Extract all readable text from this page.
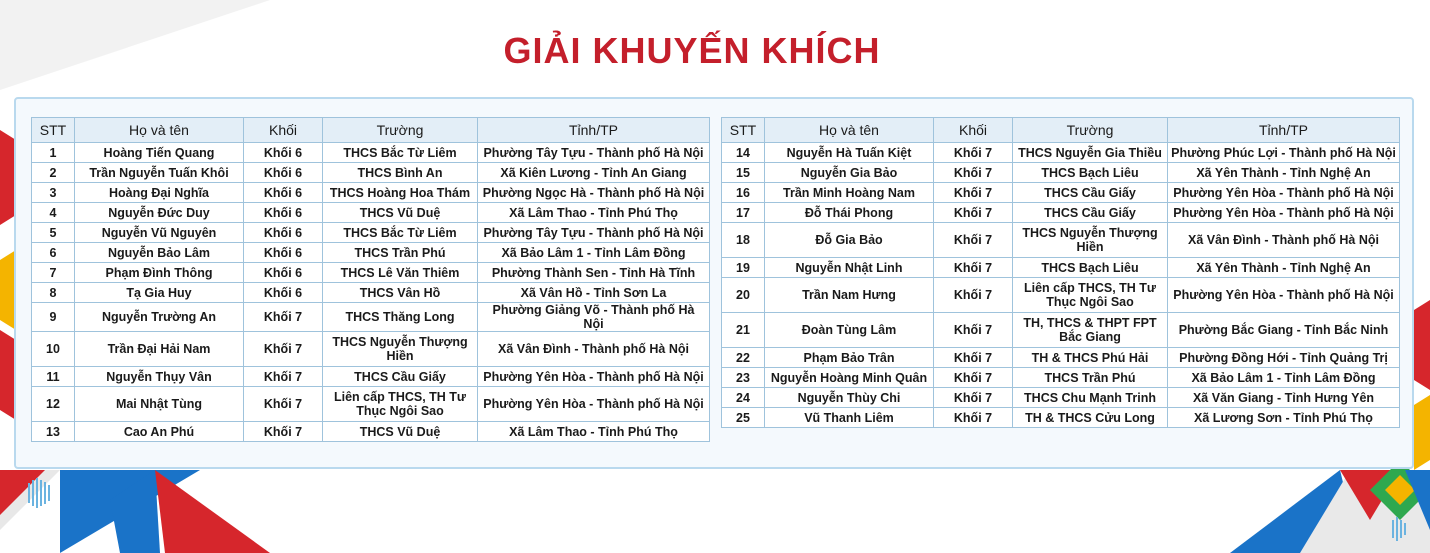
GIẢI KHUYẾN KHÍCH
STT	Họ và tên	Khối	Trường	Tỉnh/TP
1	Hoàng Tiến Quang	Khối 6	THCS Bắc Từ Liêm	Phường Tây Tựu - Thành phố Hà Nội
2	Trần Nguyễn Tuấn Khôi	Khối 6	THCS Bình An	Xã Kiên Lương - Tỉnh An Giang
3	Hoàng Đại Nghĩa	Khối 6	THCS Hoàng Hoa Thám	Phường Ngọc Hà - Thành phố Hà Nội
4	Nguyễn Đức Duy	Khối 6	THCS Vũ Duệ	Xã Lâm Thao - Tỉnh Phú Thọ
5	Nguyễn Vũ Nguyên	Khối 6	THCS Bắc Từ Liêm	Phường Tây Tựu - Thành phố Hà Nội
6	Nguyễn Bảo Lâm	Khối 6	THCS Trần Phú	Xã Bảo Lâm 1 - Tỉnh Lâm Đồng
7	Phạm Đình Thông	Khối 6	THCS Lê Văn Thiêm	Phường Thành Sen - Tỉnh Hà Tĩnh
8	Tạ Gia Huy	Khối 6	THCS Vân Hồ	Xã Vân Hồ - Tỉnh Sơn La
9	Nguyễn Trường An	Khối 7	THCS Thăng Long	Phường Giảng Võ - Thành phố Hà Nội
10	Trần Đại Hải Nam	Khối 7	THCS Nguyễn Thượng Hiền	Xã Vân Đình - Thành phố Hà Nội
11	Nguyễn Thụy Vân	Khối 7	THCS Cầu Giấy	Phường Yên Hòa - Thành phố Hà Nội
12	Mai Nhật Tùng	Khối 7	Liên cấp THCS, TH Tư Thục Ngôi Sao	Phường Yên Hòa - Thành phố Hà Nội
13	Cao An Phú	Khối 7	THCS Vũ Duệ	Xã Lâm Thao - Tỉnh Phú Thọ
STT	Họ và tên	Khối	Trường	Tỉnh/TP
14	Nguyễn Hà Tuấn Kiệt	Khối 7	THCS Nguyễn Gia Thiều	Phường Phúc Lợi - Thành phố Hà Nội
15	Nguyễn Gia Bảo	Khối 7	THCS Bạch Liêu	Xã Yên Thành - Tỉnh Nghệ An
16	Trần Minh Hoàng Nam	Khối 7	THCS Cầu Giấy	Phường Yên Hòa - Thành phố Hà Nội
17	Đỗ Thái Phong	Khối 7	THCS Cầu Giấy	Phường Yên Hòa - Thành phố Hà Nội
18	Đỗ Gia Bảo	Khối 7	THCS Nguyễn Thượng Hiền	Xã Vân Đình - Thành phố Hà Nội
19	Nguyễn Nhật Linh	Khối 7	THCS Bạch Liêu	Xã Yên Thành - Tỉnh Nghệ An
20	Trần Nam Hưng	Khối 7	Liên cấp THCS, TH Tư Thục Ngôi Sao	Phường Yên Hòa - Thành phố Hà Nội
21	Đoàn Tùng Lâm	Khối 7	TH, THCS & THPT FPT Bắc Giang	Phường Bắc Giang - Tỉnh Bắc Ninh
22	Phạm Bảo Trân	Khối 7	TH & THCS Phú Hải	Phường Đồng Hới - Tỉnh Quảng Trị
23	Nguyễn Hoàng Minh Quân	Khối 7	THCS Trần Phú	Xã Bảo Lâm 1 - Tỉnh Lâm Đồng
24	Nguyễn Thùy Chi	Khối 7	THCS Chu Mạnh Trinh	Xã Văn Giang - Tỉnh Hưng Yên
25	Vũ Thanh Liêm	Khối 7	TH & THCS Cửu Long	Xã Lương Sơn - Tỉnh Phú Thọ
